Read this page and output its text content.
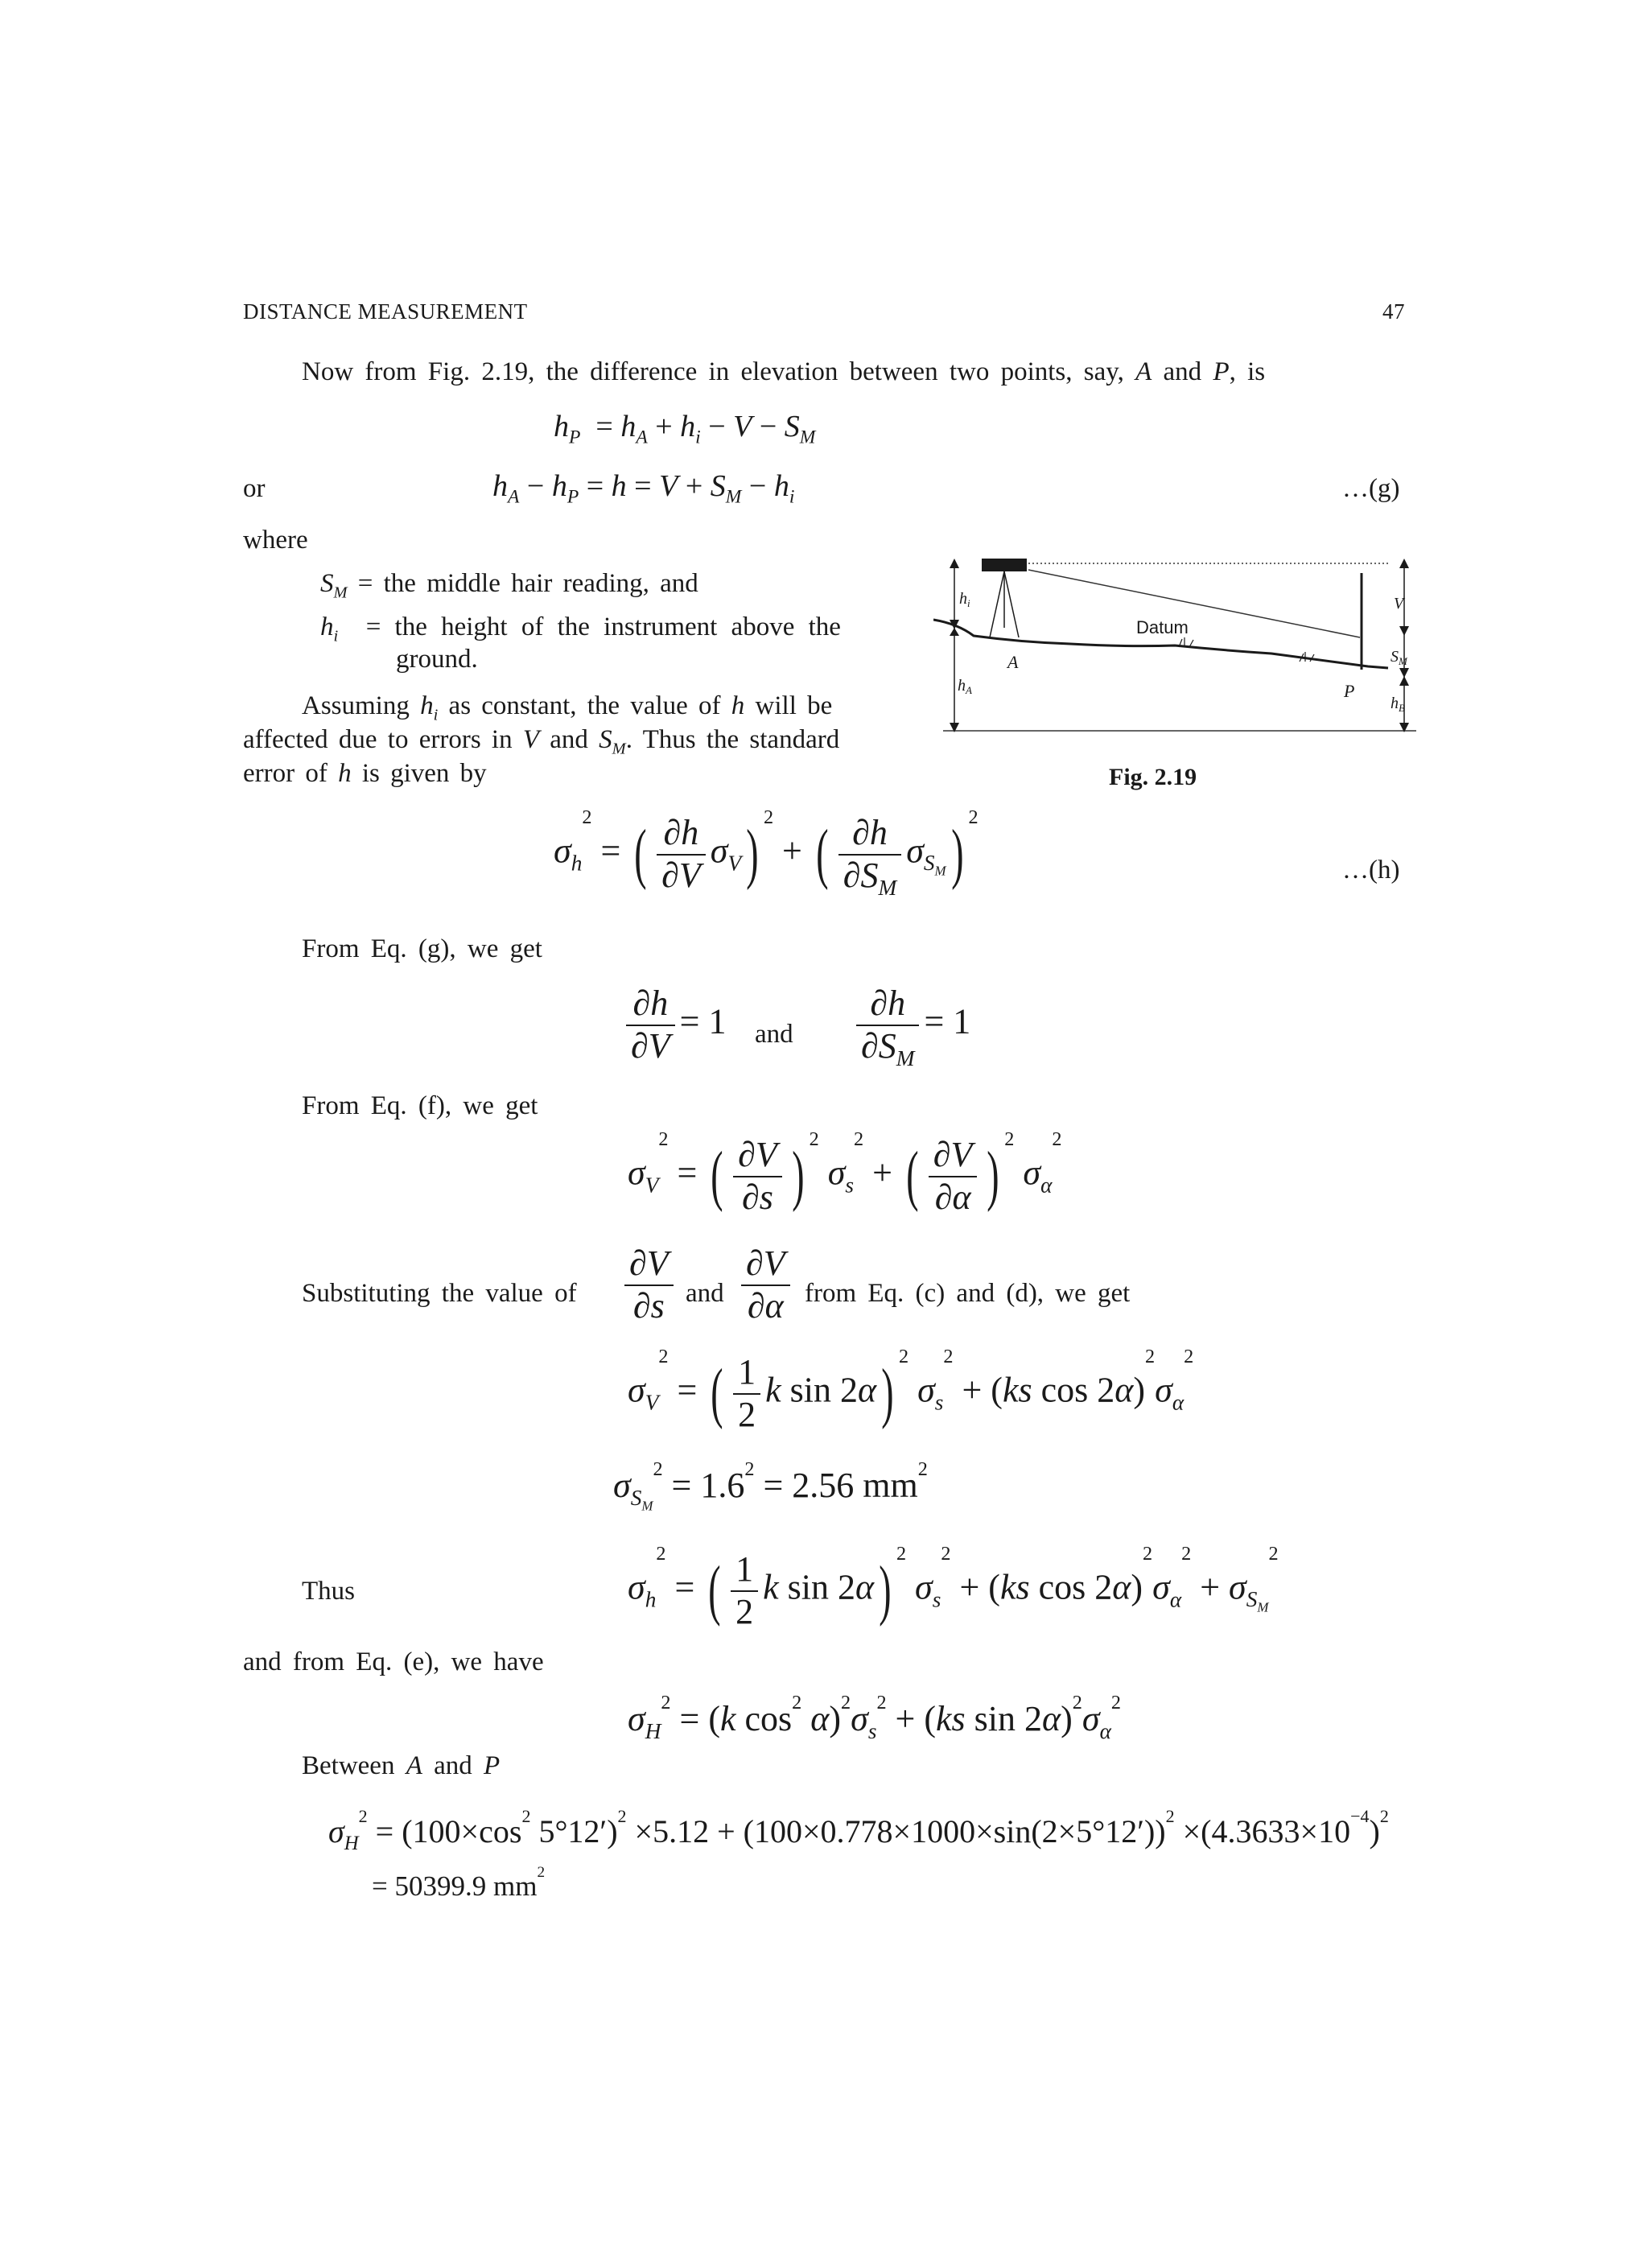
DISTANCE MEASUREMENT	47
Now from Fig. 2.19, the difference in elevation between two points, say, A and P, is
$h_P = h_A + h_i - V - S_M$
or	$h_A - h_P = h = V + S_M - h_i$	…(g)
where
$S_M$ = the middle hair reading, and
$h_i$ = the height of the instrument above the
ground.
Assuming $h_i$ as constant, the value of h will be
affected due to errors in V and $S_M$. Thus the standard
error of h is given by
$h_i$
A
$h_A$
Datum
V
$S_M$
P
$h_B$
Fig. 2.19
$\sigma_h^2$ = ( $\frac{\partial h}{\partial V} \sigma_V$) $^2$ + ( $\frac{\partial h}{\partial S_M} \sigma_{S_M}$) $^2$
…(h)
From Eq. (g), we get
$\frac{\partial h}{\partial V} = 1$ and $\frac{\partial h}{\partial S_M} = 1$
From Eq. (f), we get
$\sigma_V^2$ = ( $\frac{\partial V}{\partial s}$ ) $^2$ $\sigma_s^2$ + ( $\frac{\partial V}{\partial\alpha}$ ) $^2$ $\sigma_\alpha^2$
Substituting the value of $\frac{\partial V}{\partial s}$ and $\frac{\partial V}{\partial\alpha}$ from Eq. (c) and (d), we get
$\sigma_V^2$ = ( $\frac{1}{2}$ k sin 2α) $^2$ $\sigma_s^2 + (ks$ $\cos 2\alpha)^2\sigma_\alpha^2$
$\sigma_{S_M}^2 = 1.6^2 = 2.56$ $mm^2$
Thus	$\sigma_h^2$ = ( $\frac{1}{2}$ k sin 2α) $^2$ $\sigma_s^2 + (ks$ $\cos 2\alpha)^2\sigma_\alpha^2 + \sigma_{S_M}^2$
and from Eq. (e), we have
$\sigma_H^2 = (k$ $\cos^2 \alpha)^2\sigma_s^2 + (ks$ $\sin 2\alpha)^2\sigma_\alpha^2$
Between A and P
$\sigma_H^2 = (100\times\cos^2$ $5^\circ 12')^2 \times 5.12 + (100\times 0.778\times 1000\times\sin(2\times 5^\circ 12'))^2 \times(4.3633\times 10^{-4})^2$
= 50399.9 $mm^2$
